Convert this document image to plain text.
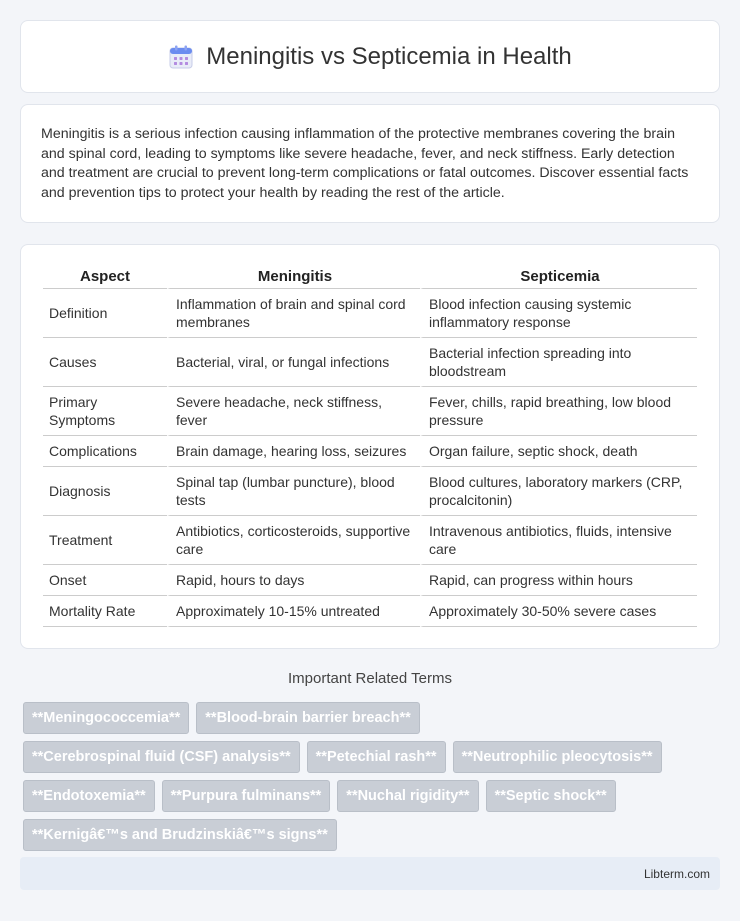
Meningitis vs Septicemia in Health

Meningitis is a serious infection causing inflammation of the protective membranes covering the brain and spinal cord, leading to symptoms like severe headache, fever, and neck stiffness. Early detection and treatment are crucial to prevent long-term complications or fatal outcomes. Discover essential facts and prevention tips to protect your health by reading the rest of the article.

Aspect	Meningitis	Septicemia
Definition	Inflammation of brain and spinal cord membranes	Blood infection causing systemic inflammatory response
Causes	Bacterial, viral, or fungal infections	Bacterial infection spreading into bloodstream
Primary Symptoms	Severe headache, neck stiffness, fever	Fever, chills, rapid breathing, low blood pressure
Complications	Brain damage, hearing loss, seizures	Organ failure, septic shock, death
Diagnosis	Spinal tap (lumbar puncture), blood tests	Blood cultures, laboratory markers (CRP, procalcitonin)
Treatment	Antibiotics, corticosteroids, supportive care	Intravenous antibiotics, fluids, intensive care
Onset	Rapid, hours to days	Rapid, can progress within hours
Mortality Rate	Approximately 10-15% untreated	Approximately 30-50% severe cases
Important Related Terms
**Meningococcemia**	**Blood-brain barrier breach**
**Cerebrospinal fluid (CSF) analysis**	**Petechial rash**	**Neutrophilic pleocytosis**
**Endotoxemia**	**Purpura fulminans**	**Nuchal rigidity**	**Septic shock**
**Kernigâ€™s and Brudzinskiâ€™s signs**
Libterm.com
